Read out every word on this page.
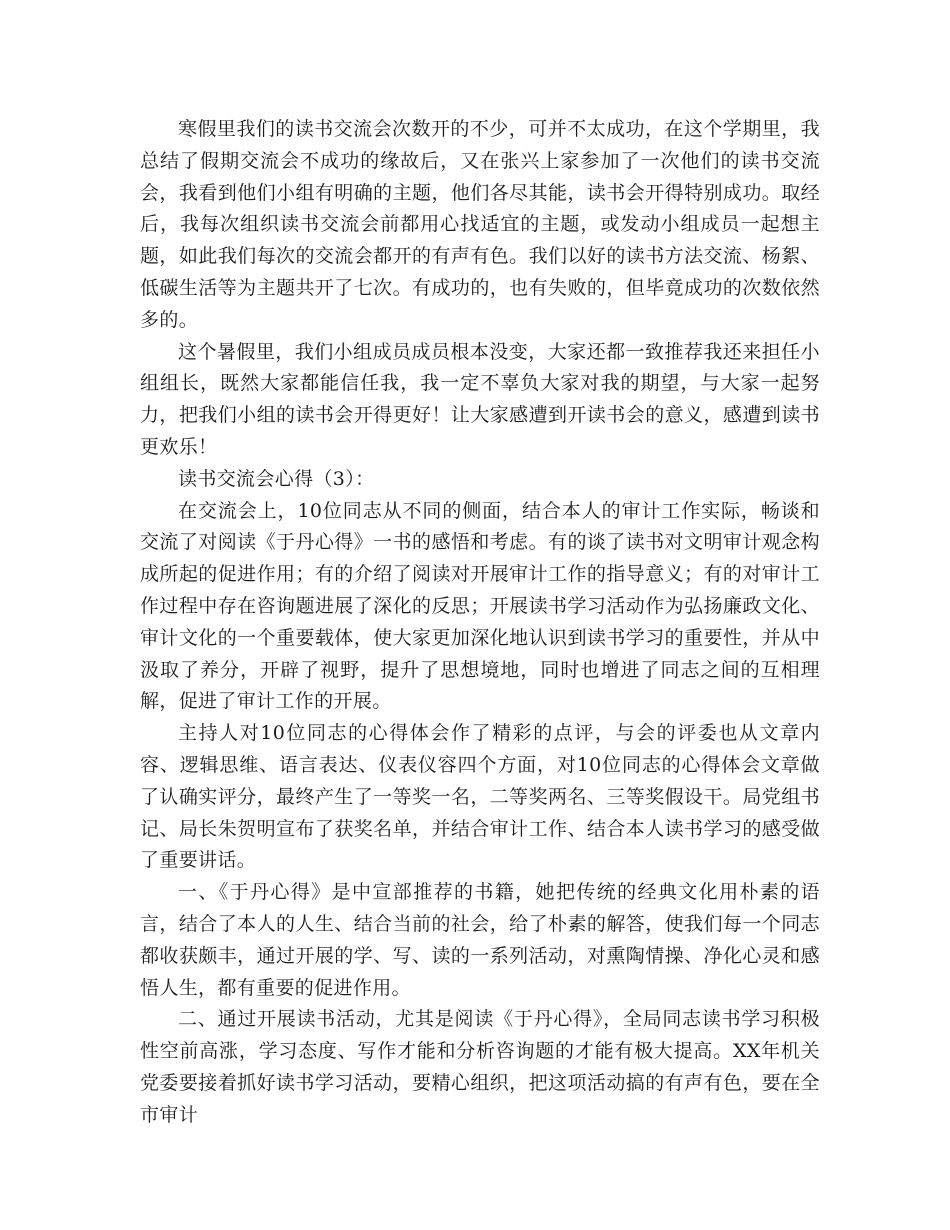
寒假里我们的读书交流会次数开的不少，可并不太成功，在这个学期里，我总结了假期交流会不成功的缘故后，又在张兴上家参加了一次他们的读书交流会，我看到他们小组有明确的主题，他们各尽其能，读书会开得特别成功。取经后，我每次组织读书交流会前都用心找适宜的主题，或发动小组成员一起想主题，如此我们每次的交流会都开的有声有色。我们以好的读书方法交流、杨絮、低碳生活等为主题共开了七次。有成功的，也有失败的，但毕竟成功的次数依然多的。

这个暑假里，我们小组成员成员根本没变，大家还都一致推荐我还来担任小组组长，既然大家都能信任我，我一定不辜负大家对我的期望，与大家一起努力，把我们小组的读书会开得更好！让大家感遭到开读书会的意义，感遭到读书更欢乐！

读书交流会心得（3）：

在交流会上，10位同志从不同的侧面，结合本人的审计工作实际，畅谈和交流了对阅读《于丹心得》一书的感悟和考虑。有的谈了读书对文明审计观念构成所起的促进作用；有的介绍了阅读对开展审计工作的指导意义；有的对审计工作过程中存在咨询题进展了深化的反思；开展读书学习活动作为弘扬廉政文化、审计文化的一个重要载体，使大家更加深化地认识到读书学习的重要性，并从中汲取了养分，开辟了视野，提升了思想境地，同时也增进了同志之间的互相理解，促进了审计工作的开展。

主持人对10位同志的心得体会作了精彩的点评，与会的评委也从文章内容、逻辑思维、语言表达、仪表仪容四个方面，对10位同志的心得体会文章做了认确实评分，最终产生了一等奖一名，二等奖两名、三等奖假设干。局党组书记、局长朱贺明宣布了获奖名单，并结合审计工作、结合本人读书学习的感受做了重要讲话。

一、《于丹心得》是中宣部推荐的书籍，她把传统的经典文化用朴素的语言，结合了本人的人生、结合当前的社会，给了朴素的解答，使我们每一个同志都收获颇丰，通过开展的学、写、读的一系列活动，对熏陶情操、净化心灵和感悟人生，都有重要的促进作用。

二、通过开展读书活动，尤其是阅读《于丹心得》，全局同志读书学习积极性空前高涨，学习态度、写作才能和分析咨询题的才能有极大提高。XX年机关党委要接着抓好读书学习活动，要精心组织，把这项活动搞的有声有色，要在全市审计
